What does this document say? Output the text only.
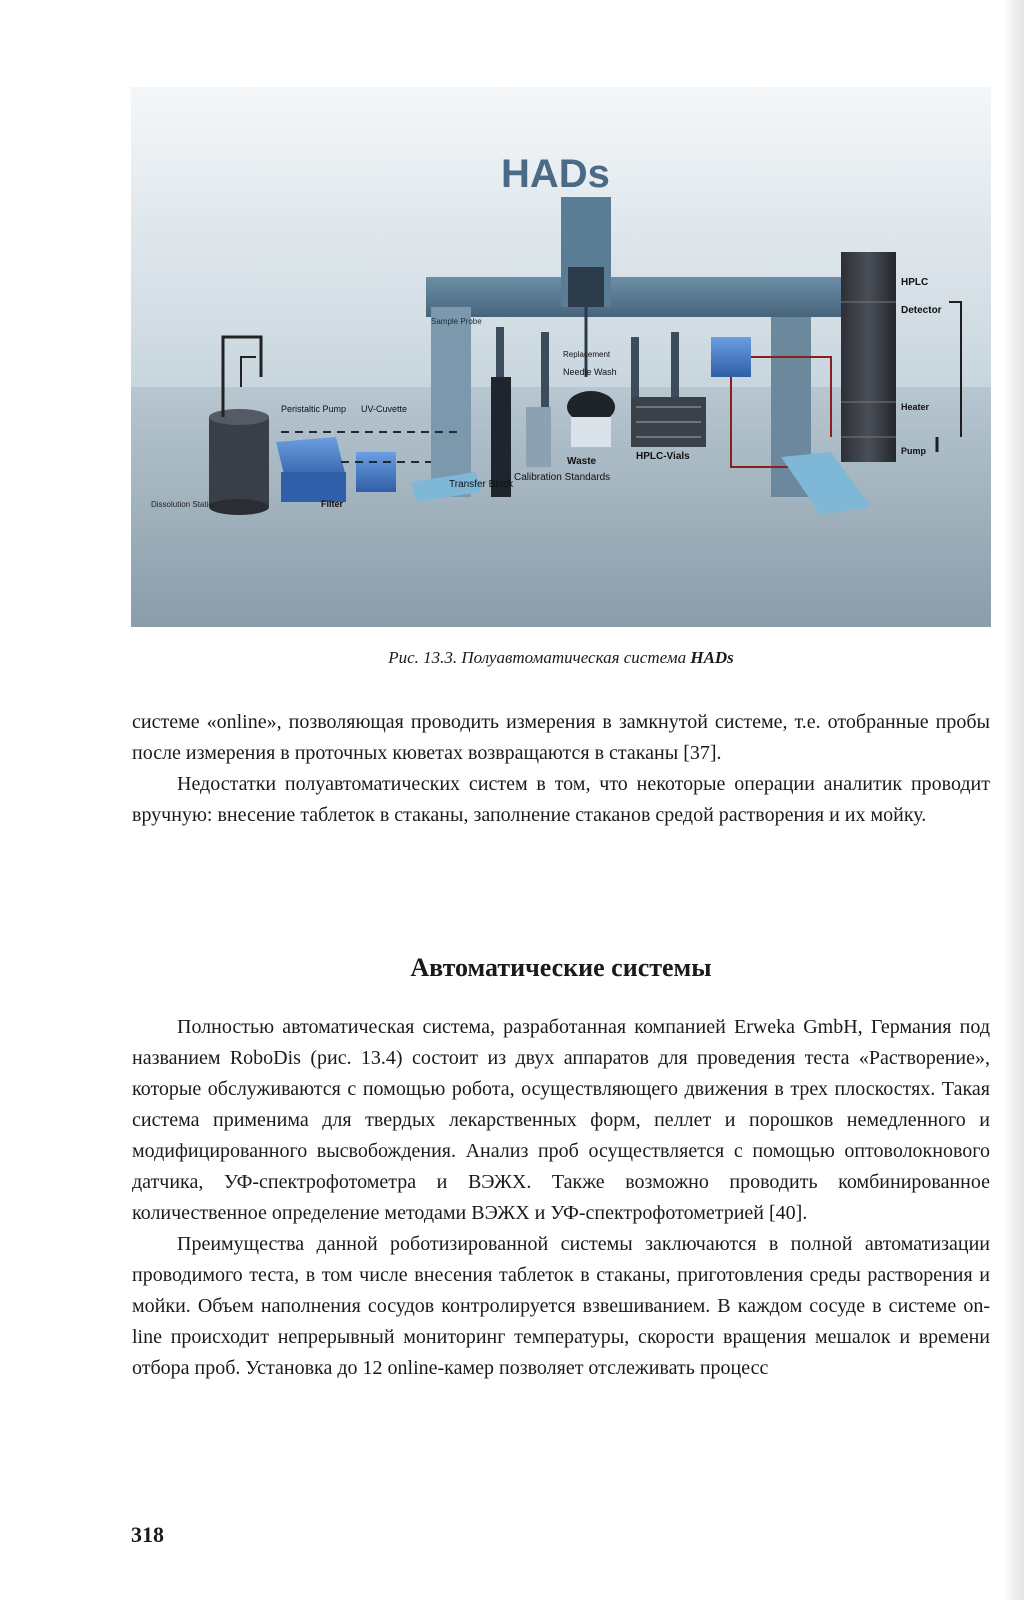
HADs
HPLC
Detector
Heater
Pump
Peristaltic Pump UV-Cuvette
Filter
Dissolution Station
Transfer Block
Calibration Standards
Waste	HPLC-Vials
Needle Wash
Replacement
Sample Probe
Рис. 13.3. Полуавтоматическая система HADs

системе «online», позволяющая проводить измерения в замкнутой системе, т.е. отобранные пробы после измерения в проточных кюветах возвращаются в стаканы [37].

Недостатки полуавтоматических систем в том, что некоторые операции аналитик проводит вручную: внесение таблеток в стаканы, заполнение стаканов средой растворения и их мойку.

Автоматические системы

Полностью автоматическая система, разработанная компанией Erweka GmbH, Германия под названием RoboDis (рис. 13.4) состоит из двух аппаратов для проведения теста «Растворение», которые обслуживаются с помощью робота, осуществляющего движения в трех плоскостях. Такая система применима для твердых лекарственных форм, пеллет и порошков немедленного и модифицированного высвобождения. Анализ проб осуществляется с помощью оптоволокнового датчика, УФ-спектрофотометра и ВЭЖХ. Также возможно проводить комбинированное количественное определение методами ВЭЖХ и УФ-спектрофотометрией [40].

Преимущества данной роботизированной системы заключаются в полной автоматизации проводимого теста, в том числе внесения таблеток в стаканы, приготовления среды растворения и мойки. Объем наполнения сосудов контролируется взвешиванием. В каждом сосуде в системе on-line происходит непрерывный мониторинг температуры, скорости вращения мешалок и времени отбора проб. Установка до 12 online-камер позволяет отслеживать процесс

318
